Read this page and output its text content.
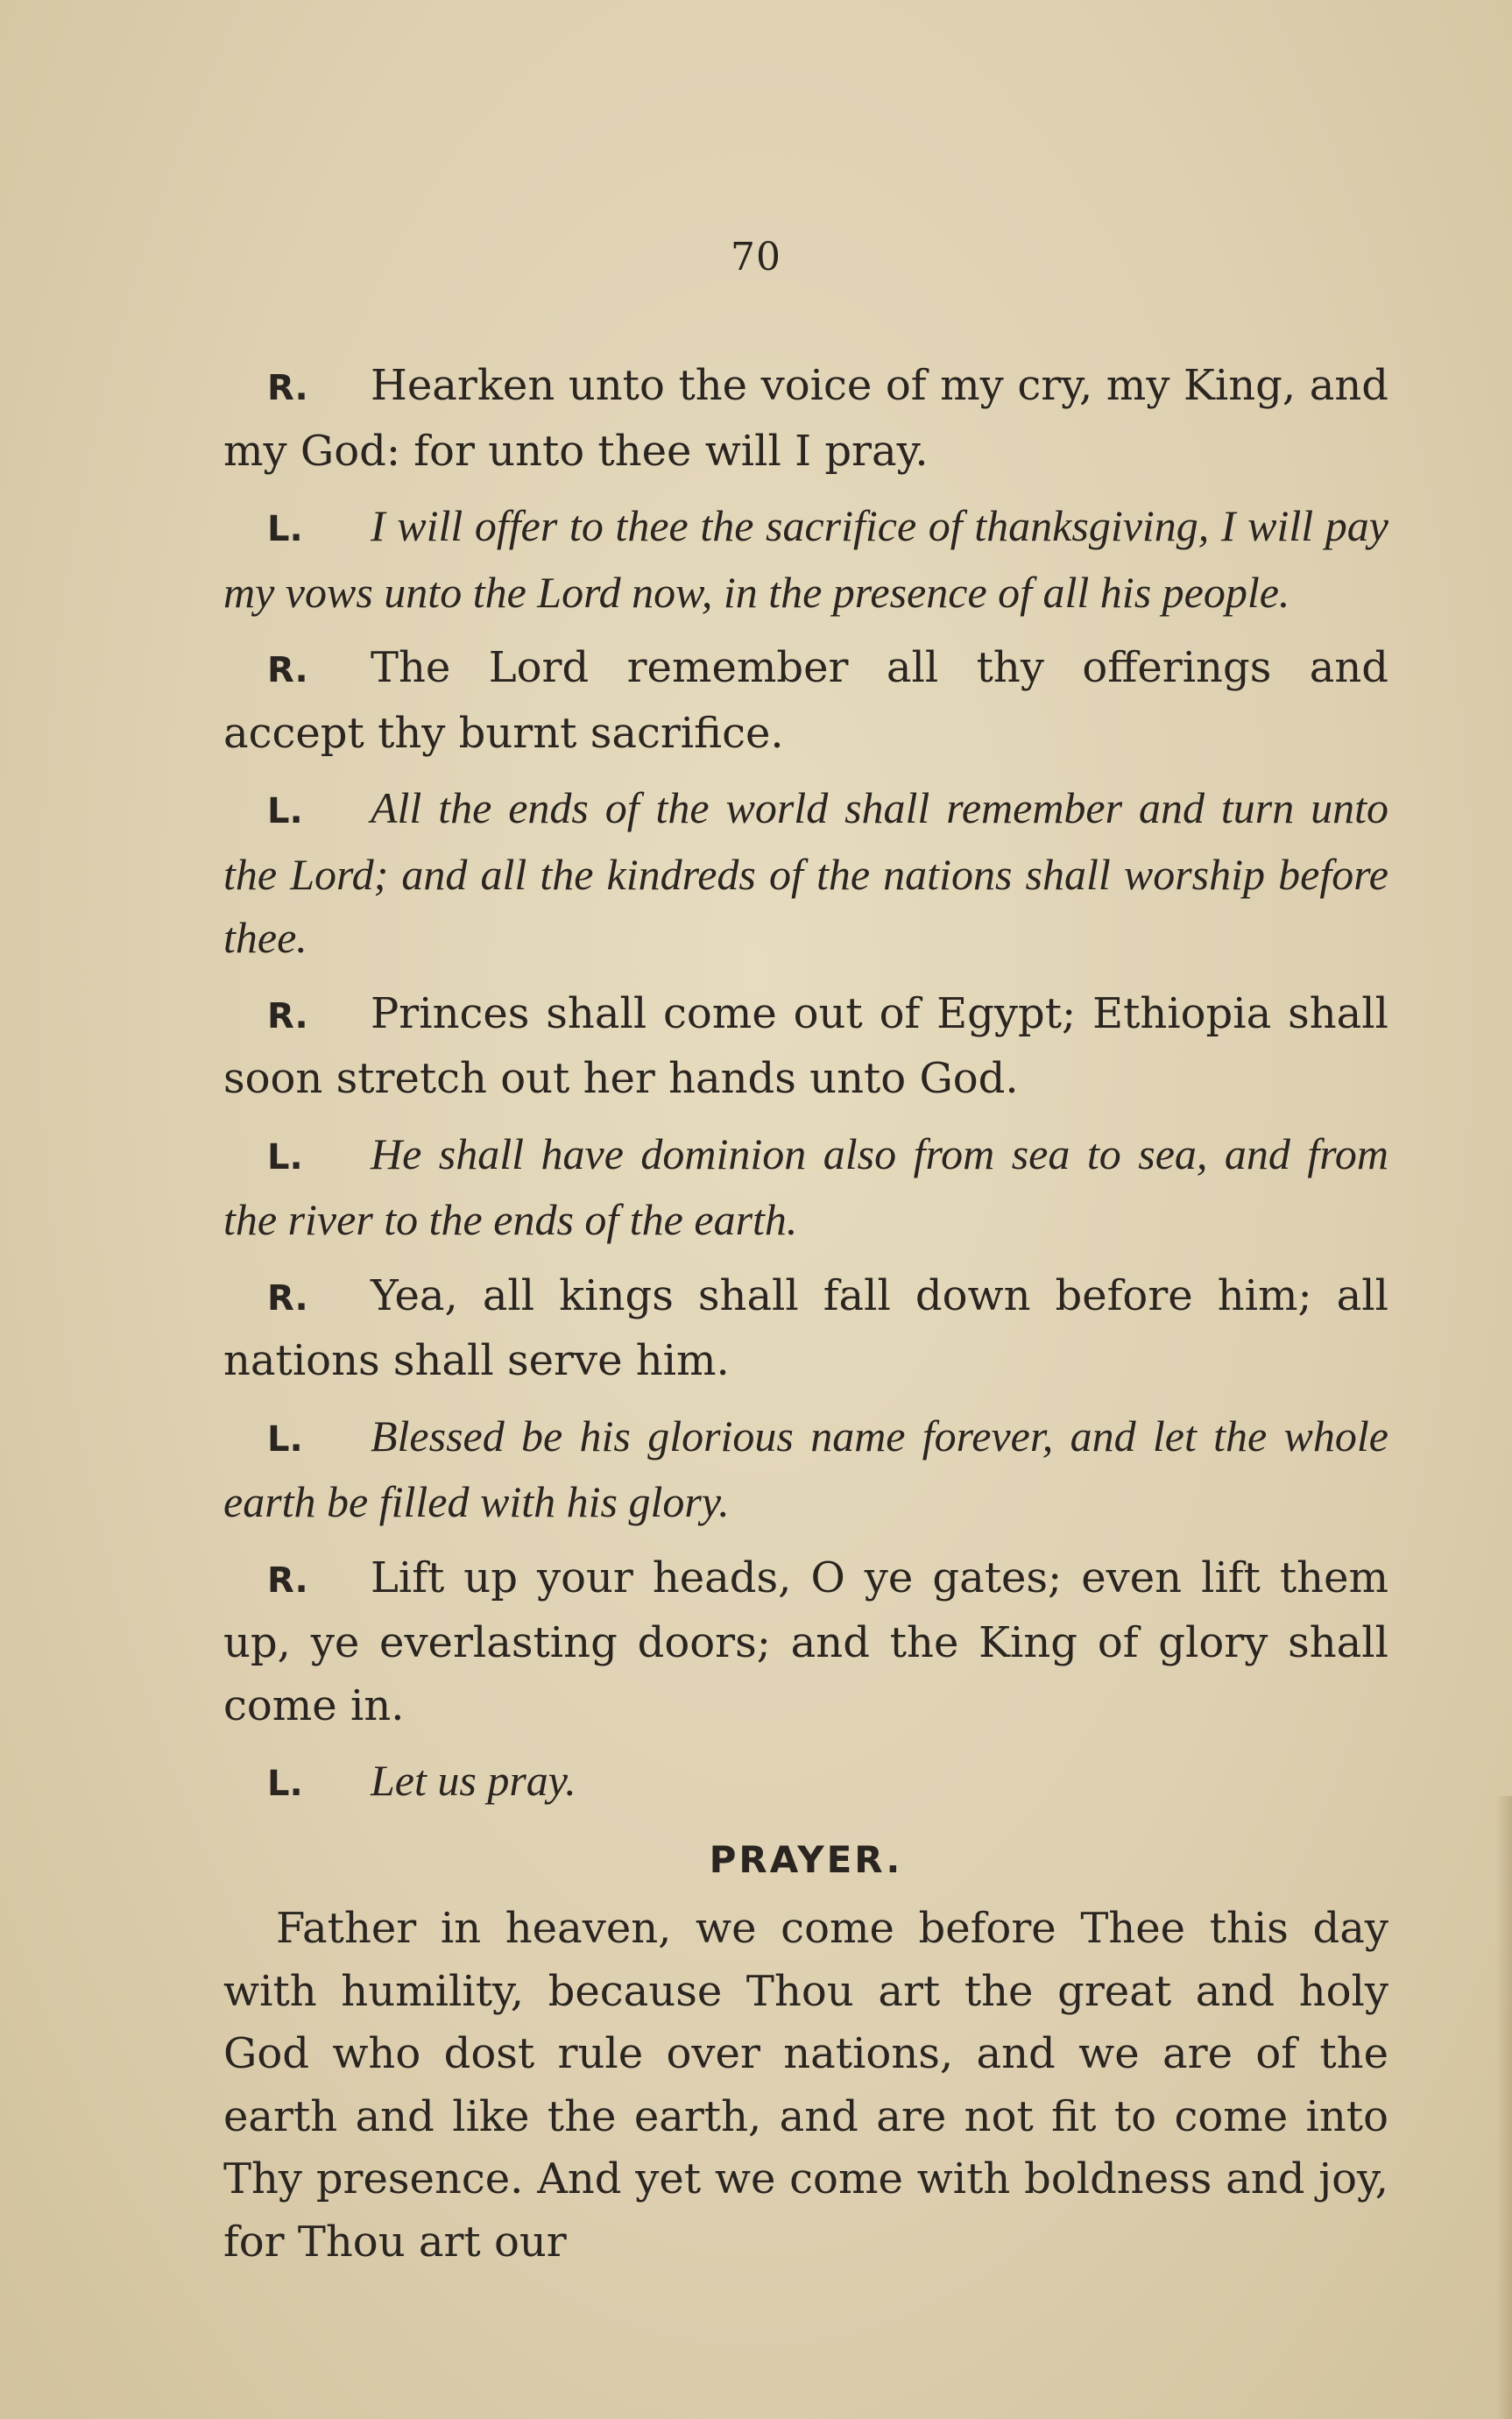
70

R. Hearken unto the voice of my cry, my King, and my God: for unto thee will I pray.

L. I will offer to thee the sacrifice of thanksgiving, I will pay my vows unto the Lord now, in the presence of all his people.

R. The Lord remember all thy offerings and accept thy burnt sacrifice.

L. All the ends of the world shall remember and turn unto the Lord; and all the kindreds of the nations shall worship before thee.

R. Princes shall come out of Egypt; Ethiopia shall soon stretch out her hands unto God.

L. He shall have dominion also from sea to sea, and from the river to the ends of the earth.

R. Yea, all kings shall fall down before him; all nations shall serve him.

L. Blessed be his glorious name forever, and let the whole earth be filled with his glory.

R. Lift up your heads, O ye gates; even lift them up, ye everlasting doors; and the King of glory shall come in.

L. Let us pray.

PRAYER.

Father in heaven, we come before Thee this day with humility, because Thou art the great and holy God who dost rule over nations, and we are of the earth and like the earth, and are not fit to come into Thy presence. And yet we come with boldness and joy, for Thou art our
